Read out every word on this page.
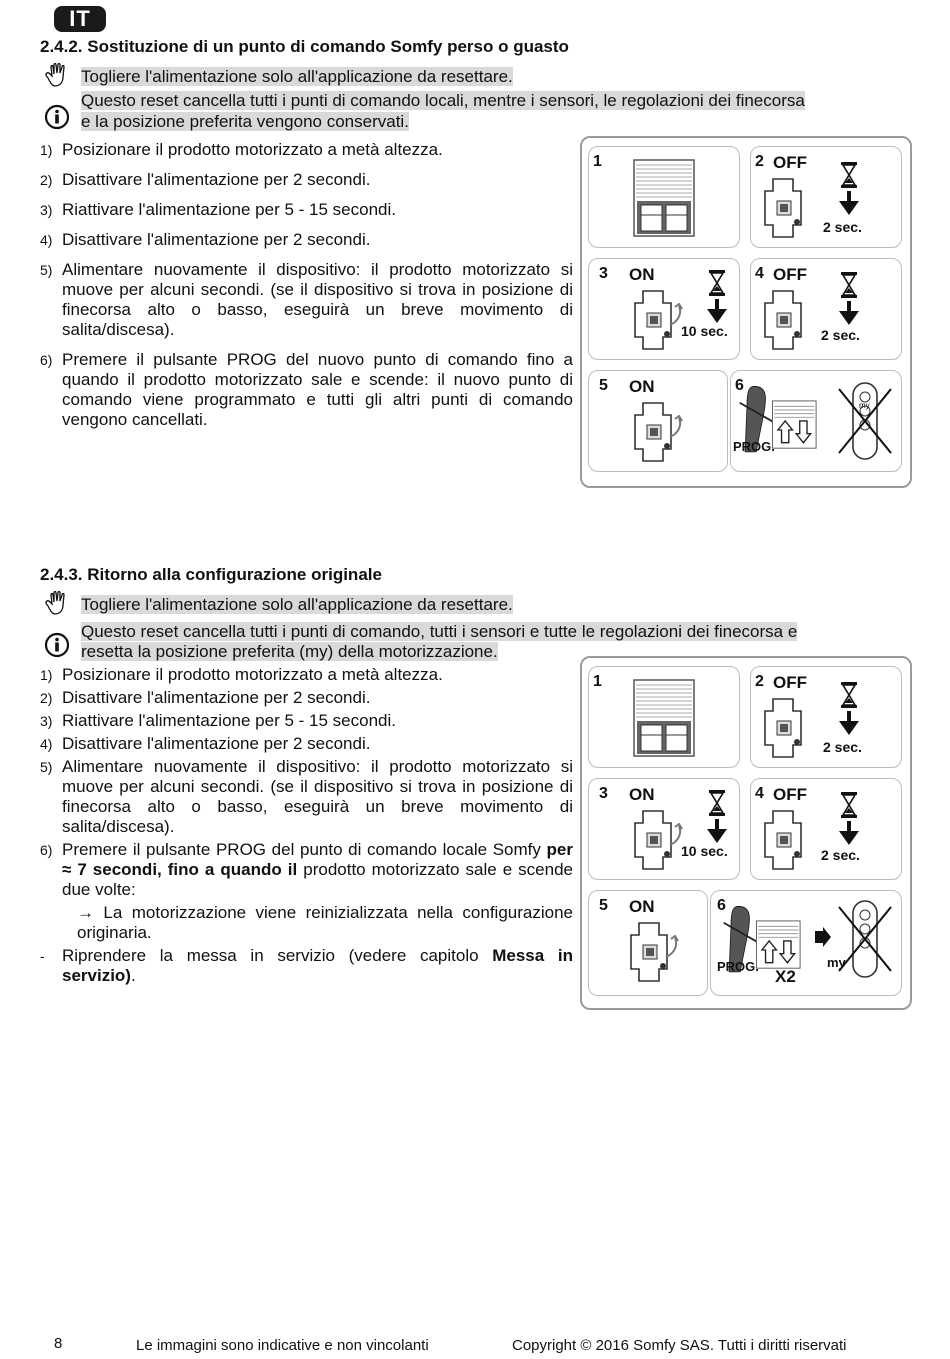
IT
2.4.2. Sostituzione di un punto di comando Somfy perso o guasto
Togliere l'alimentazione solo all'applicazione da resettare.
Questo reset cancella tutti i punti di comando locali, mentre i sensori, le regolazioni dei finecorsa
e la posizione preferita vengono conservati.
1) Posizionare il prodotto motorizzato a metà altezza.
2) Disattivare l'alimentazione per 2 secondi.
3) Riattivare l'alimentazione per 5 - 15 secondi.
4) Disattivare l'alimentazione per 2 secondi.
5) Alimentare nuovamente il dispositivo: il prodotto motorizzato si muove per alcuni secondi. (se il dispositivo si trova in posizione di finecorsa alto o basso, eseguirà un breve movimento di salita/discesa).
6) Premere il pulsante PROG del nuovo punto di comando fino a quando il prodotto motorizzato sale e scende: il nuovo punto di comando viene programmato e tutti gli altri punti di comando vengono cancellati.
1	2 OFF
2 sec.
3 ON
10 sec.
4 OFF
2 sec.
5 ON	6
PROG.
my
2.4.3. Ritorno alla configurazione originale
Togliere l'alimentazione solo all'applicazione da resettare.
Questo reset cancella tutti i punti di comando, tutti i sensori e tutte le regolazioni dei finecorsa e
resetta la posizione preferita (my) della motorizzazione.
1) Posizionare il prodotto motorizzato a metà altezza.
2) Disattivare l'alimentazione per 2 secondi.
3) Riattivare l'alimentazione per 5 - 15 secondi.
4) Disattivare l'alimentazione per 2 secondi.
5) Alimentare nuovamente il dispositivo: il prodotto motorizzato si muove per alcuni secondi. (se il dispositivo si trova in posizione di finecorsa alto o basso, eseguirà un breve movimento di salita/discesa).
6) Premere il pulsante PROG del punto di comando locale Somfy per ≈ 7 secondi, fino a quando il prodotto motorizzato sale e scende due volte:
→ La motorizzazione viene reinizializzata nella configurazione originaria.
-	Riprendere la messa in servizio (vedere capitolo Messa in servizio).
1	2 OFF
2 sec.
3 ON
10 sec.
4 OFF
2 sec.
5 ON	6
PROG.
X2
my
8	Le immagini sono indicative e non vincolanti	Copyright © 2016 Somfy SAS. Tutti i diritti riservati
